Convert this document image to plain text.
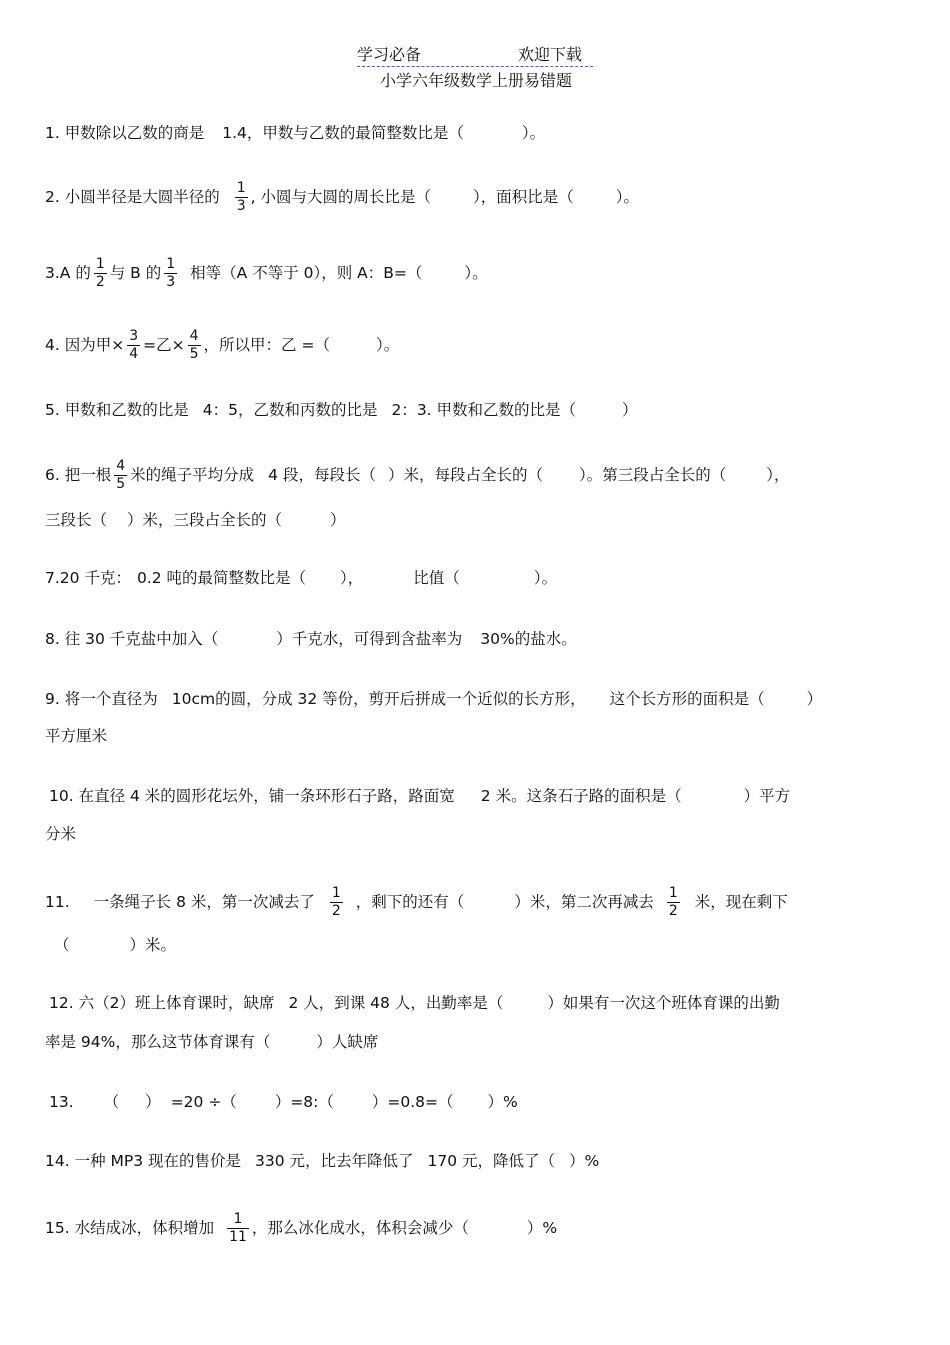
学习必备	欢迎下载
小学六年级数学上册易错题
1. 甲数除以乙数的商是 1.4，甲数与乙数的最简整数比是（	）。
2. 小圆半径是大圆半径的 $\frac{1}{3}$ , 小圆与大圆的周长比是（	），面积比是（	）。
3.A 的 $\frac{1}{2}$ 与 B 的 $\frac{1}{3}$ 相等（A 不等于 0），则 A：B=（	）。
4. 因为甲× $\frac{3}{4}$ =乙× $\frac{4}{5}$ ，所以甲：乙 =（	）。
5. 甲数和乙数的比是 4：5，乙数和丙数的比是 2：3. 甲数和乙数的比是（	）
6. 把一根 $\frac{4}{5}$ 米的绳子平均分成 4 段，每段长（ ）米，每段占全长的（ ）。第三段占全长的（	），
三段长（ ）米，三段占全长的（	）
7.20 千克： 0.2 吨的最简整数比是（ ），	比值（	）。
8. 往 30 千克盐中加入（	）千克水，可得到含盐率为 30%的盐水。
9. 将一个直径为 10cm的圆，分成 32 等份，剪开后拼成一个近似的长方形， 这个长方形的面积是（	）
平方厘米
10. 在直径 4 米的圆形花坛外，铺一条环形石子路，路面宽 2 米。这条石子路的面积是（	）平方
分米
11. 一条绳子长 8 米，第一次减去了 $\frac{1}{2}$ ，剩下的还有（	）米，第二次再减去 $\frac{1}{2}$ 米，现在剩下
（	）米。
12. 六（2）班上体育课时，缺席 2 人，到课 48 人，出勤率是（	）如果有一次这个班体育课的出勤
率是 94%，那么这节体育课有（	）人缺席
13. （ ） =20 ÷（ ）=8:（ ）=0.8=（ ）%
14. 一种 MP3 现在的售价是 330 元，比去年降低了 170 元，降低了（ ）%
15. 水结成冰，体积增加 $\frac{1}{11}$ ，那么冰化成水，体积会减少（	）%
